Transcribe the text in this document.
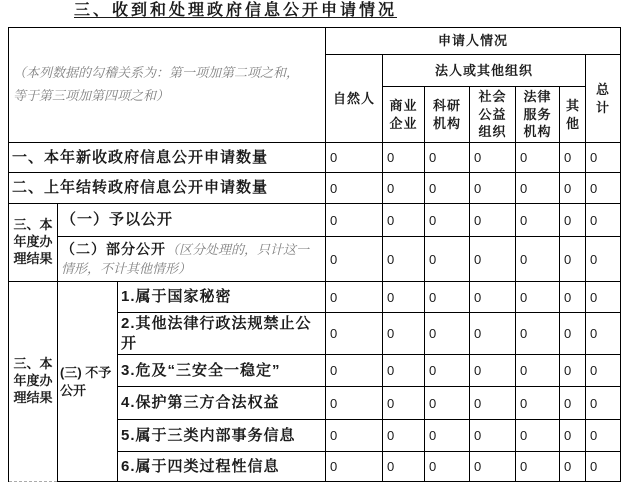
三、收到和处理政府信息公开申请情况
（本列数据的勾稽关系为：第一项加第二项之和，等于第三项加第四项之和）			申请人情况						
			自然人	法人或其他组织					总计
				商业企业	科研机构	社会公益组织	法律服务机构	其他	
一、本年新收政府信息公开申请数量			0	0	0	0	0	0	0
二、上年结转政府信息公开申请数量			0	0	0	0	0	0	0
三、本年度办理结果	（一）予以公开		0	0	0	0	0	0	0
	（二）部分公开（区分处理的，只计这一情形，不计其他情形）		0	0	0	0	0	0	0
三、本年度办理结果	(三) 不予公开	1.属于国家秘密	0	0	0	0	0	0	0
		2.其他法律行政法规禁止公开	0	0	0	0	0	0	0
		3.危及“三安全一稳定”	0	0	0	0	0	0	0
		4.保护第三方合法权益	0	0	0	0	0	0	0
		5.属于三类内部事务信息	0	0	0	0	0	0	0
		6.属于四类过程性信息	0	0	0	0	0	0	0
